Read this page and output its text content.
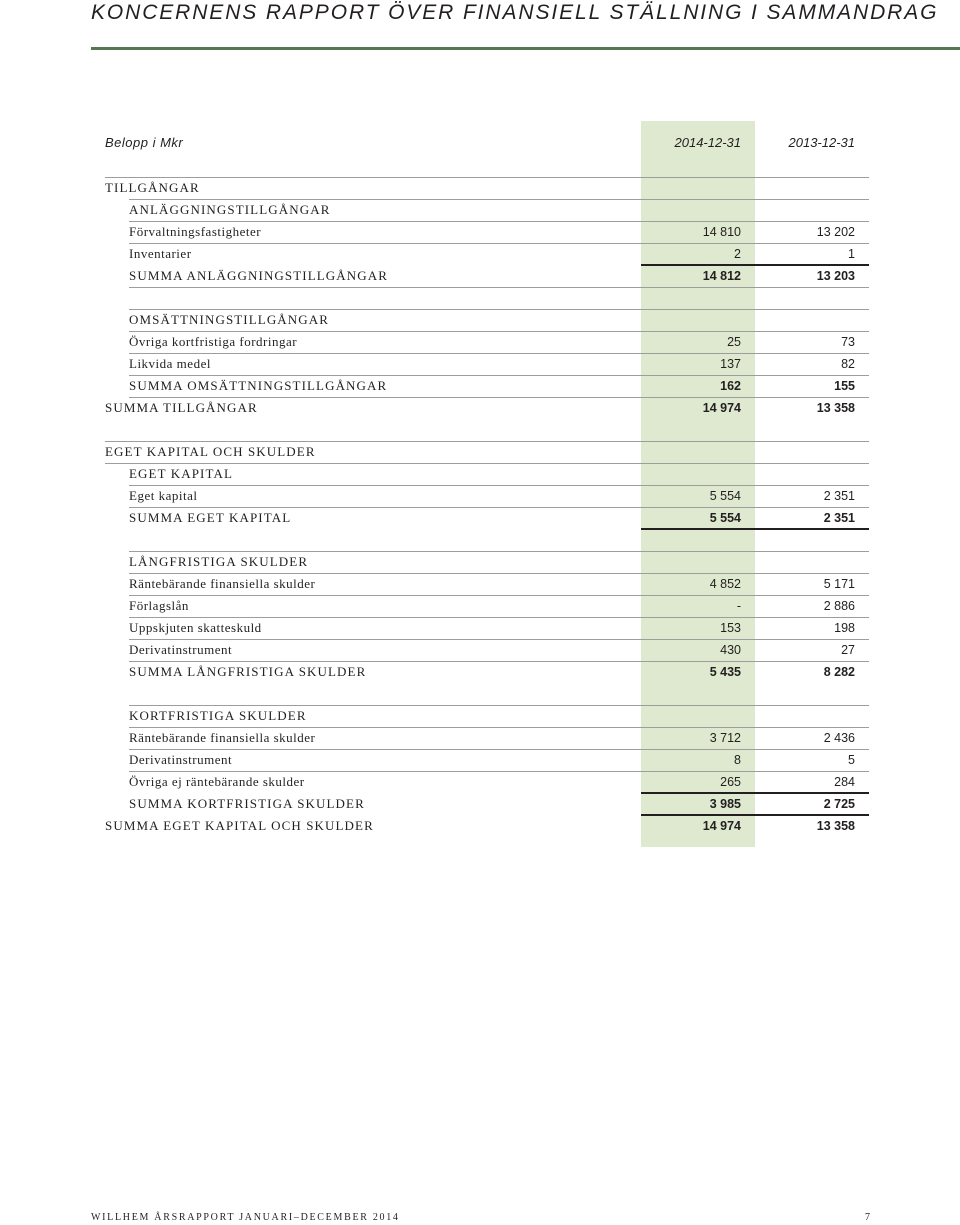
KONCERNENS RAPPORT ÖVER FINANSIELL STÄLLNING I SAMMANDRAG
Belopp i Mkr	2014-12-31	2013-12-31
TILLGÅNGAR
ANLÄGGNINGSTILLGÅNGAR
Förvaltningsfastigheter	14 810	13 202
Inventarier	2	1
SUMMA ANLÄGGNINGSTILLGÅNGAR	14 812	13 203
OMSÄTTNINGSTILLGÅNGAR
Övriga kortfristiga fordringar	25	73
Likvida medel	137	82
SUMMA OMSÄTTNINGSTILLGÅNGAR	162	155
SUMMA TILLGÅNGAR	14 974	13 358
EGET KAPITAL OCH SKULDER
EGET KAPITAL
Eget kapital	5 554	2 351
SUMMA EGET KAPITAL	5 554	2 351
LÅNGFRISTIGA SKULDER
Räntebärande finansiella skulder	4 852	5 171
Förlagslån	-	2 886
Uppskjuten skatteskuld	153	198
Derivatinstrument	430	27
SUMMA LÅNGFRISTIGA SKULDER	5 435	8 282
KORTFRISTIGA SKULDER
Räntebärande finansiella skulder	3 712	2 436
Derivatinstrument	8	5
Övriga ej räntebärande skulder	265	284
SUMMA KORTFRISTIGA SKULDER	3 985	2 725
SUMMA EGET KAPITAL OCH SKULDER	14 974	13 358
WILLHEM ÅRSRAPPORT JANUARI–DECEMBER 2014	7
